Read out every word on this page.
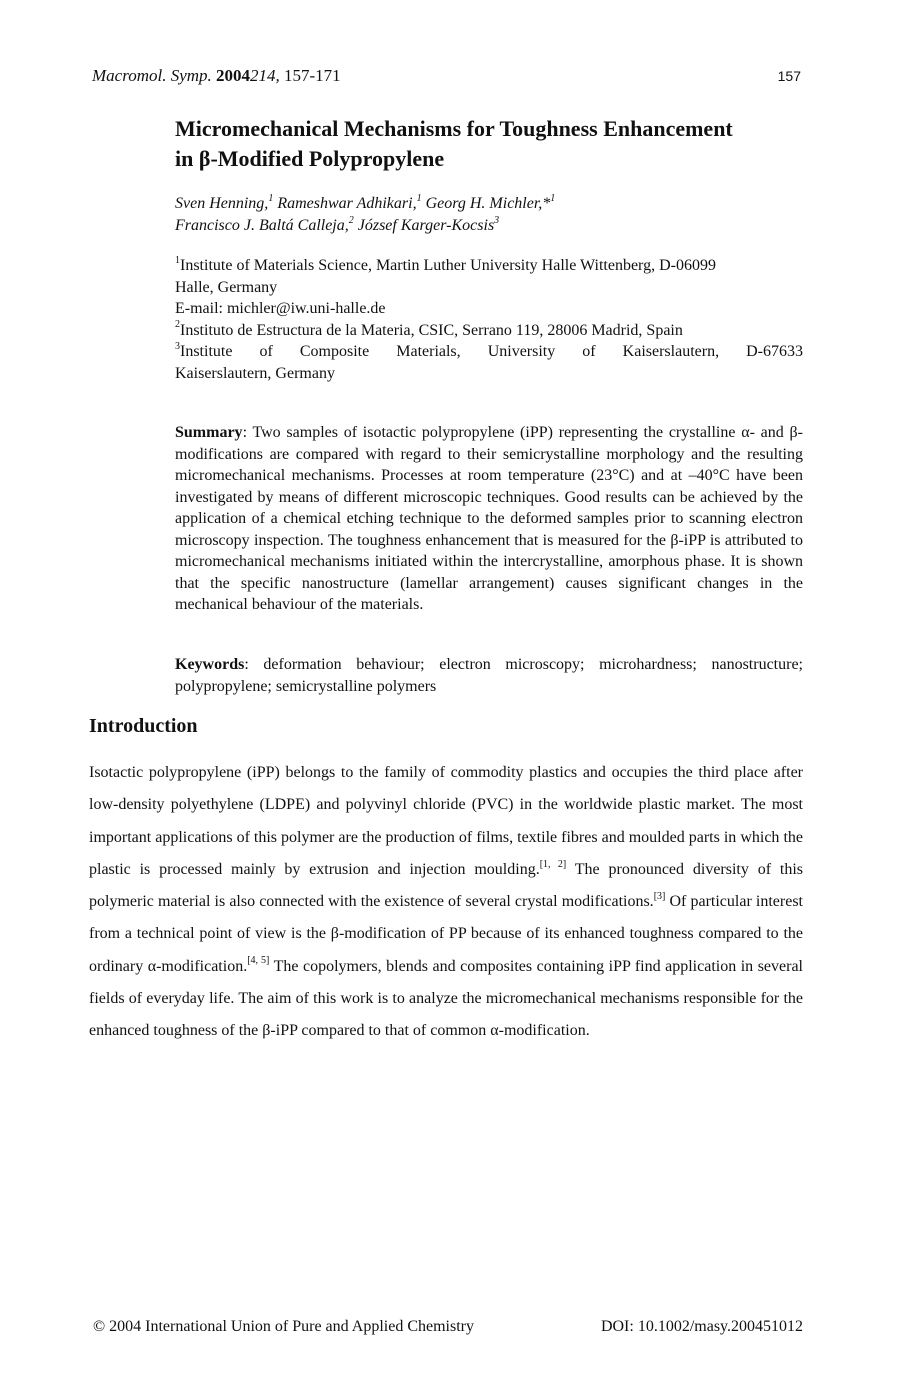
Macromol. Symp. 2004214, 157-171	157
Micromechanical Mechanisms for Toughness Enhancement
in β-Modified Polypropylene
Sven Henning,$^1$ Rameshwar Adhikari,$^1$ Georg H. Michler,*$^1$
Francisco J. Baltá Calleja,$^2$ József Karger-Kocsis$^3$
$^1$Institute of Materials Science, Martin Luther University Halle Wittenberg, D-06099
Halle, Germany
E-mail: michler@iw.uni-halle.de
$^2$Instituto de Estructura de la Materia, CSIC, Serrano 119, 28006 Madrid, Spain
$^3$Institute of Composite Materials, University of Kaiserslautern, D-67633
Kaiserslautern, Germany
Summary: Two samples of isotactic polypropylene (iPP) representing the crystalline α- and β- modifications are compared with regard to their semicrystalline morphology and the resulting micromechanical mechanisms. Processes at room temperature (23°C) and at –40°C have been investigated by means of different microscopic techniques. Good results can be achieved by the application of a chemical etching technique to the deformed samples prior to scanning electron microscopy inspection. The toughness enhancement that is measured for the β-iPP is attributed to micromechanical mechanisms initiated within the intercrystalline, amorphous phase. It is shown that the specific nanostructure (lamellar arrangement) causes significant changes in the mechanical behaviour of the materials.
Keywords: deformation behaviour; electron microscopy; microhardness; nanostructure; polypropylene; semicrystalline polymers
Introduction
Isotactic polypropylene (iPP) belongs to the family of commodity plastics and occupies the third place after low-density polyethylene (LDPE) and polyvinyl chloride (PVC) in the worldwide plastic market. The most important applications of this polymer are the production of films, textile fibres and moulded parts in which the plastic is processed mainly by extrusion and injection moulding.[1, 2] The pronounced diversity of this polymeric material is also connected with the existence of several crystal modifications.[3] Of particular interest from a technical point of view is the β-modification of PP because of its enhanced toughness compared to the ordinary α-modification.[4, 5] The copolymers, blends and composites containing iPP find application in several fields of everyday life. The aim of this work is to analyze the micromechanical mechanisms responsible for the enhanced toughness of the β-iPP compared to that of common α-modification.
© 2004 International Union of Pure and Applied Chemistry	DOI: 10.1002/masy.200451012
